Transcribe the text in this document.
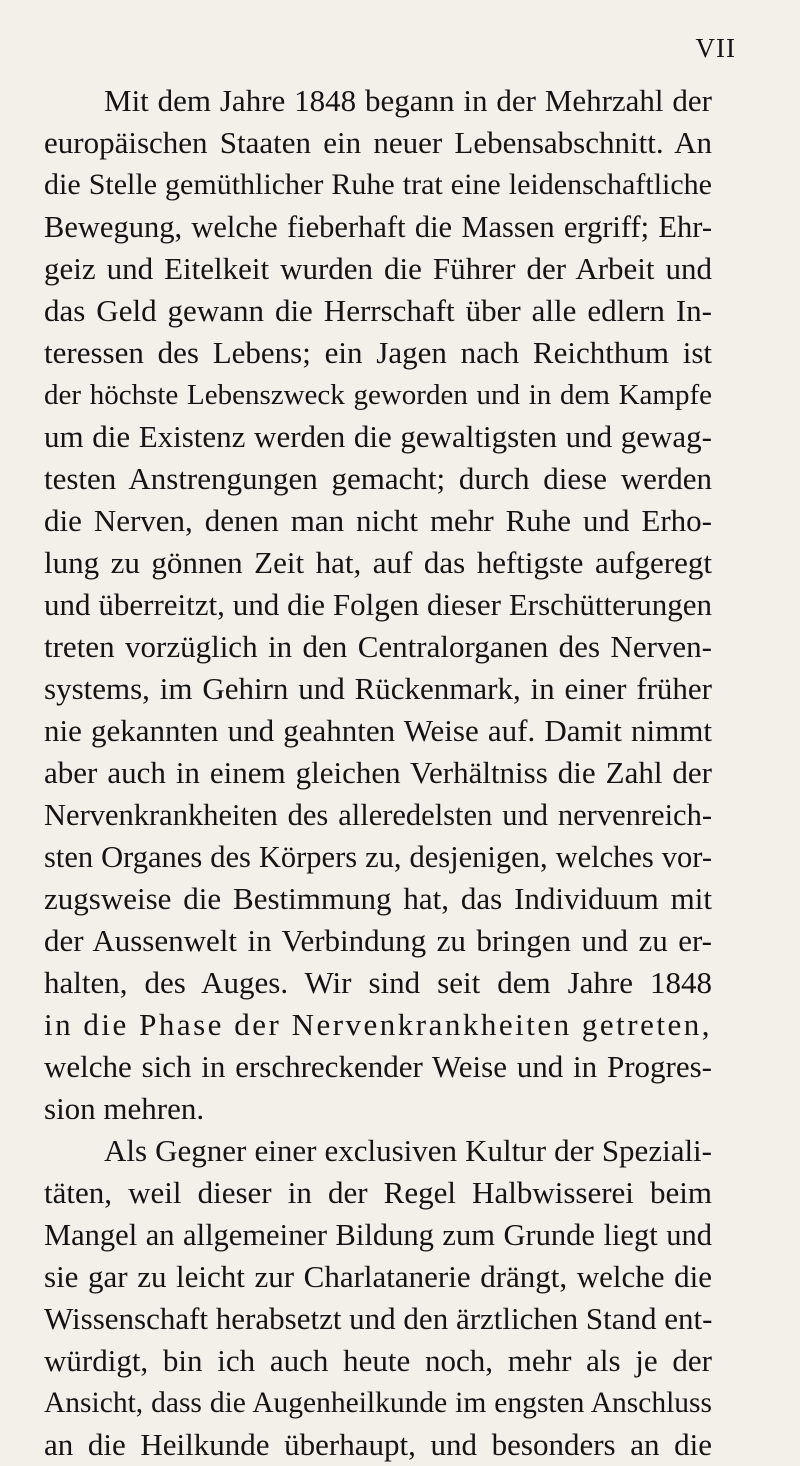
VII
Mit dem Jahre 1848 begann in der Mehrzahl der
europäischen Staaten ein neuer Lebensabschnitt. An
die Stelle gemüthlicher Ruhe trat eine leidenschaftliche
Bewegung, welche fieberhaft die Massen ergriff; Ehr-
geiz und Eitelkeit wurden die Führer der Arbeit und
das Geld gewann die Herrschaft über alle edlern In-
teressen des Lebens; ein Jagen nach Reichthum ist
der höchste Lebenszweck geworden und in dem Kampfe
um die Existenz werden die gewaltigsten und gewag-
testen Anstrengungen gemacht; durch diese werden
die Nerven, denen man nicht mehr Ruhe und Erho-
lung zu gönnen Zeit hat, auf das heftigste aufgeregt
und überreitzt, und die Folgen dieser Erschütterungen
treten vorzüglich in den Centralorganen des Nerven-
systems, im Gehirn und Rückenmark, in einer früher
nie gekannten und geahnten Weise auf. Damit nimmt
aber auch in einem gleichen Verhältniss die Zahl der
Nervenkrankheiten des alleredelsten und nervenreich-
sten Organes des Körpers zu, desjenigen, welches vor-
zugsweise die Bestimmung hat, das Individuum mit
der Aussenwelt in Verbindung zu bringen und zu er-
halten, des Auges. Wir sind seit dem Jahre 1848
in die Phase der Nervenkrankheiten getreten,
welche sich in erschreckender Weise und in Progres-
sion mehren.
Als Gegner einer exclusiven Kultur der Speziali-
täten, weil dieser in der Regel Halbwisserei beim
Mangel an allgemeiner Bildung zum Grunde liegt und
sie gar zu leicht zur Charlatanerie drängt, welche die
Wissenschaft herabsetzt und den ärztlichen Stand ent-
würdigt, bin ich auch heute noch, mehr als je der
Ansicht, dass die Augenheilkunde im engsten Anschluss
an die Heilkunde überhaupt, und besonders an die
